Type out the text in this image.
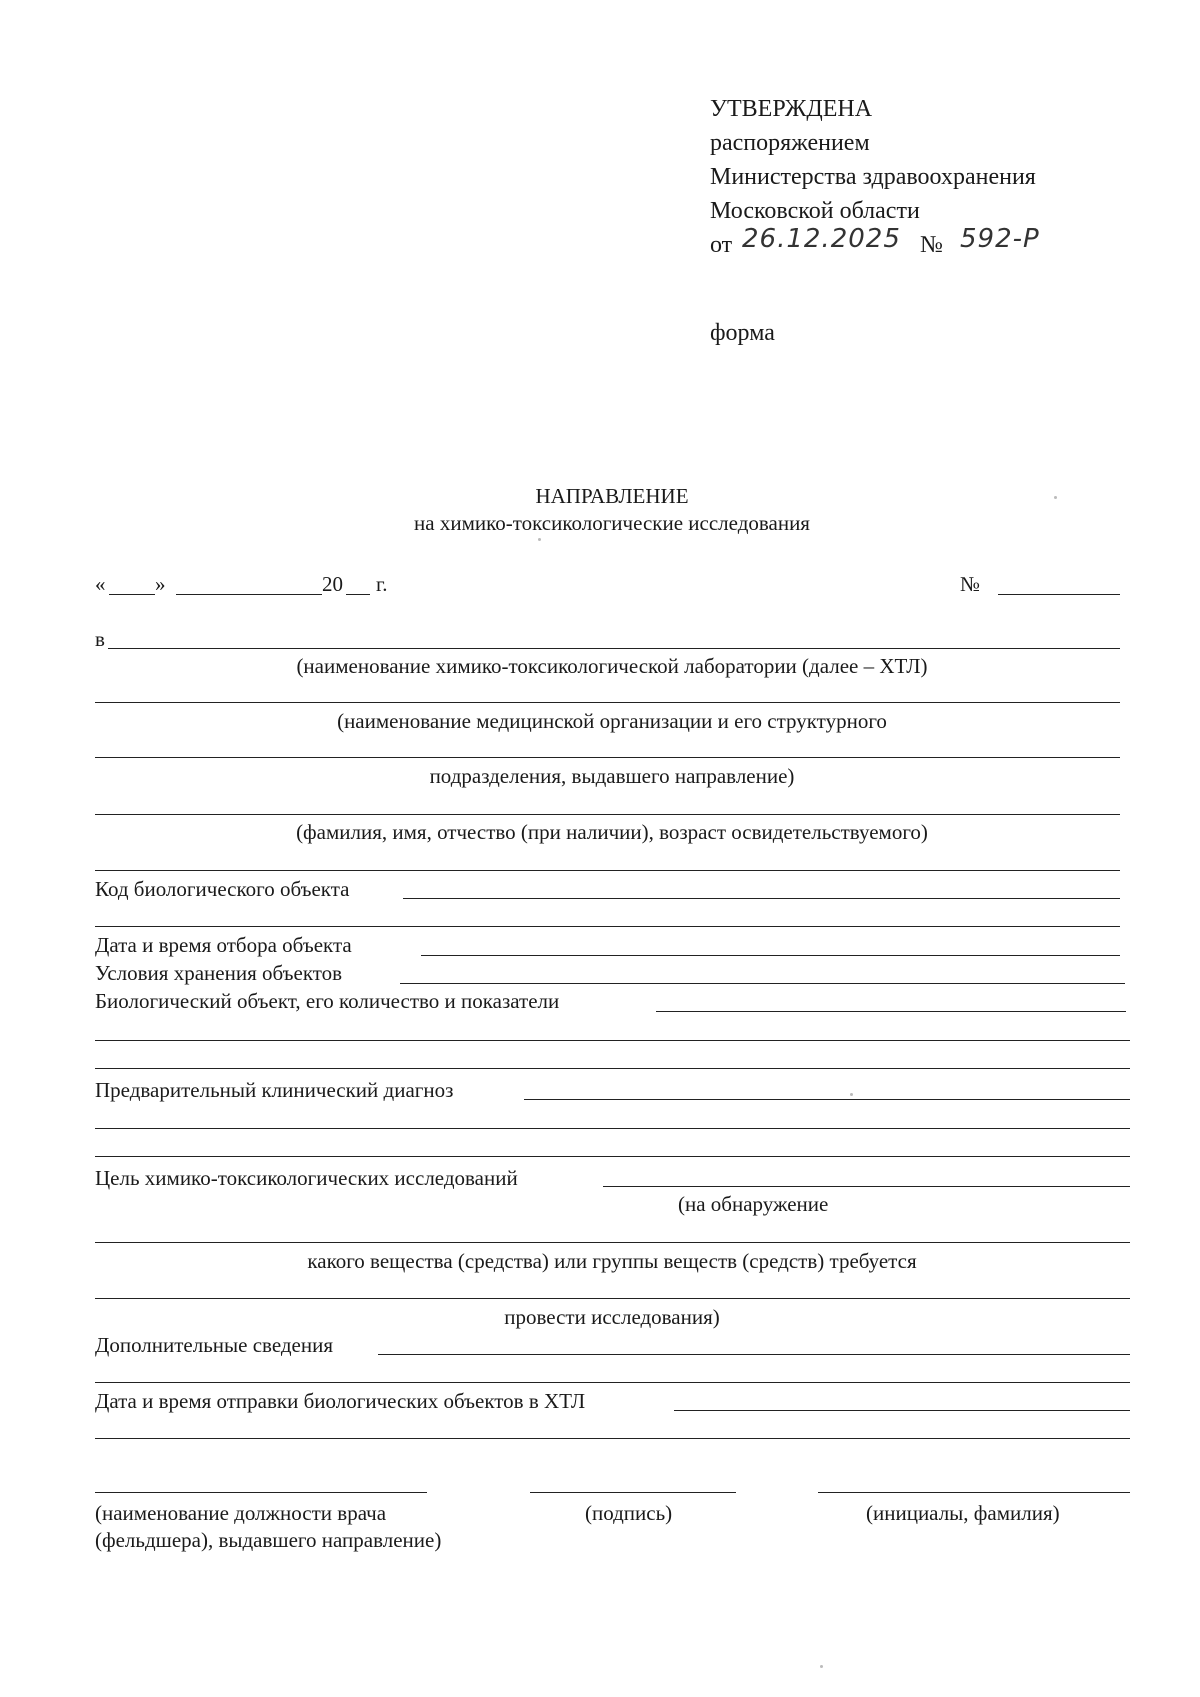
УТВЕРЖДЕНА
распоряжением
Министерства здравоохранения
Московской области
от 26.12.2025 № 592-Р
форма
НАПРАВЛЕНИЕ
на химико-токсикологические исследования
« »	20 г.	№
в
(наименование химико-токсикологической лаборатории (далее – ХТЛ)
(наименование медицинской организации и его структурного
подразделения, выдавшего направление)
(фамилия, имя, отчество (при наличии), возраст освидетельствуемого)
Код биологического объекта
Дата и время отбора объекта
Условия хранения объектов
Биологический объект, его количество и показатели
Предварительный клинический диагноз
Цель химико-токсикологических исследований
(на обнаружение
какого вещества (средства) или группы веществ (средств) требуется
провести исследования)
Дополнительные сведения
Дата и время отправки биологических объектов в ХТЛ
(наименование должности врача
(фельдшера), выдавшего направление)
(подпись)	(инициалы, фамилия)
